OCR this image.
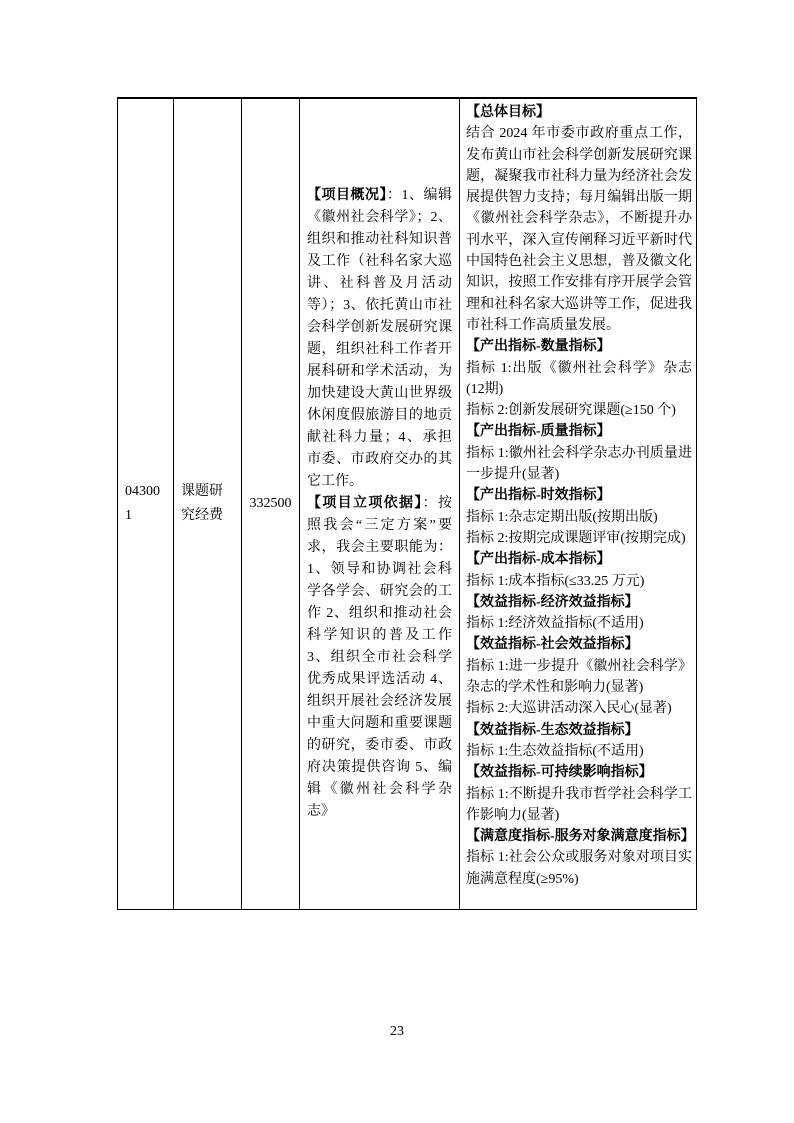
043001
课题研究经费
332500

【项目概况】：1、编辑《徽州社会科学》；2、组织和推动社科知识普及工作（社科名家大巡讲、社科普及月活动等）；3、依托黄山市社会科学创新发展研究课题，组织社科工作者开展科研和学术活动，为加快建设大黄山世界级休闲度假旅游目的地贡献社科力量；4、承担市委、市政府交办的其它工作。

【项目立项依据】：按照我会“三定方案”要求，我会主要职能为：1、领导和协调社会科学各学会、研究会的工作 2、组织和推动社会科学知识的普及工作 3、组织全市社会科学优秀成果评选活动 4、组织开展社会经济发展中重大问题和重要课题的研究，委市委、市政府决策提供咨询 5、编辑《徽州社会科学杂志》

【总体目标】
结合 2024 年市委市政府重点工作，发布黄山市社会科学创新发展研究课题，凝聚我市社科力量为经济社会发展提供智力支持；每月编辑出版一期《徽州社会科学杂志》，不断提升办刊水平，深入宣传阐释习近平新时代中国特色社会主义思想，普及徽文化知识，按照工作安排有序开展学会管理和社科名家大巡讲等工作，促进我市社科工作高质量发展。
【产出指标-数量指标】
指标 1:出版《徽州社会科学》杂志(12期)
指标 2:创新发展研究课题(≥150 个)
【产出指标-质量指标】
指标 1:徽州社会科学杂志办刊质量进一步提升(显著)
【产出指标-时效指标】
指标 1:杂志定期出版(按期出版)
指标 2:按期完成课题评审(按期完成)
【产出指标-成本指标】
指标 1:成本指标(≤33.25 万元)
【效益指标-经济效益指标】
指标 1:经济效益指标(不适用)
【效益指标-社会效益指标】
指标 1:进一步提升《徽州社会科学》杂志的学术性和影响力(显著)
指标 2:大巡讲活动深入民心(显著)
【效益指标-生态效益指标】
指标 1:生态效益指标(不适用)
【效益指标-可持续影响指标】
指标 1:不断提升我市哲学社会科学工作影响力(显著)
【满意度指标-服务对象满意度指标】
指标 1:社会公众或服务对象对项目实施满意程度(≥95%)
23
